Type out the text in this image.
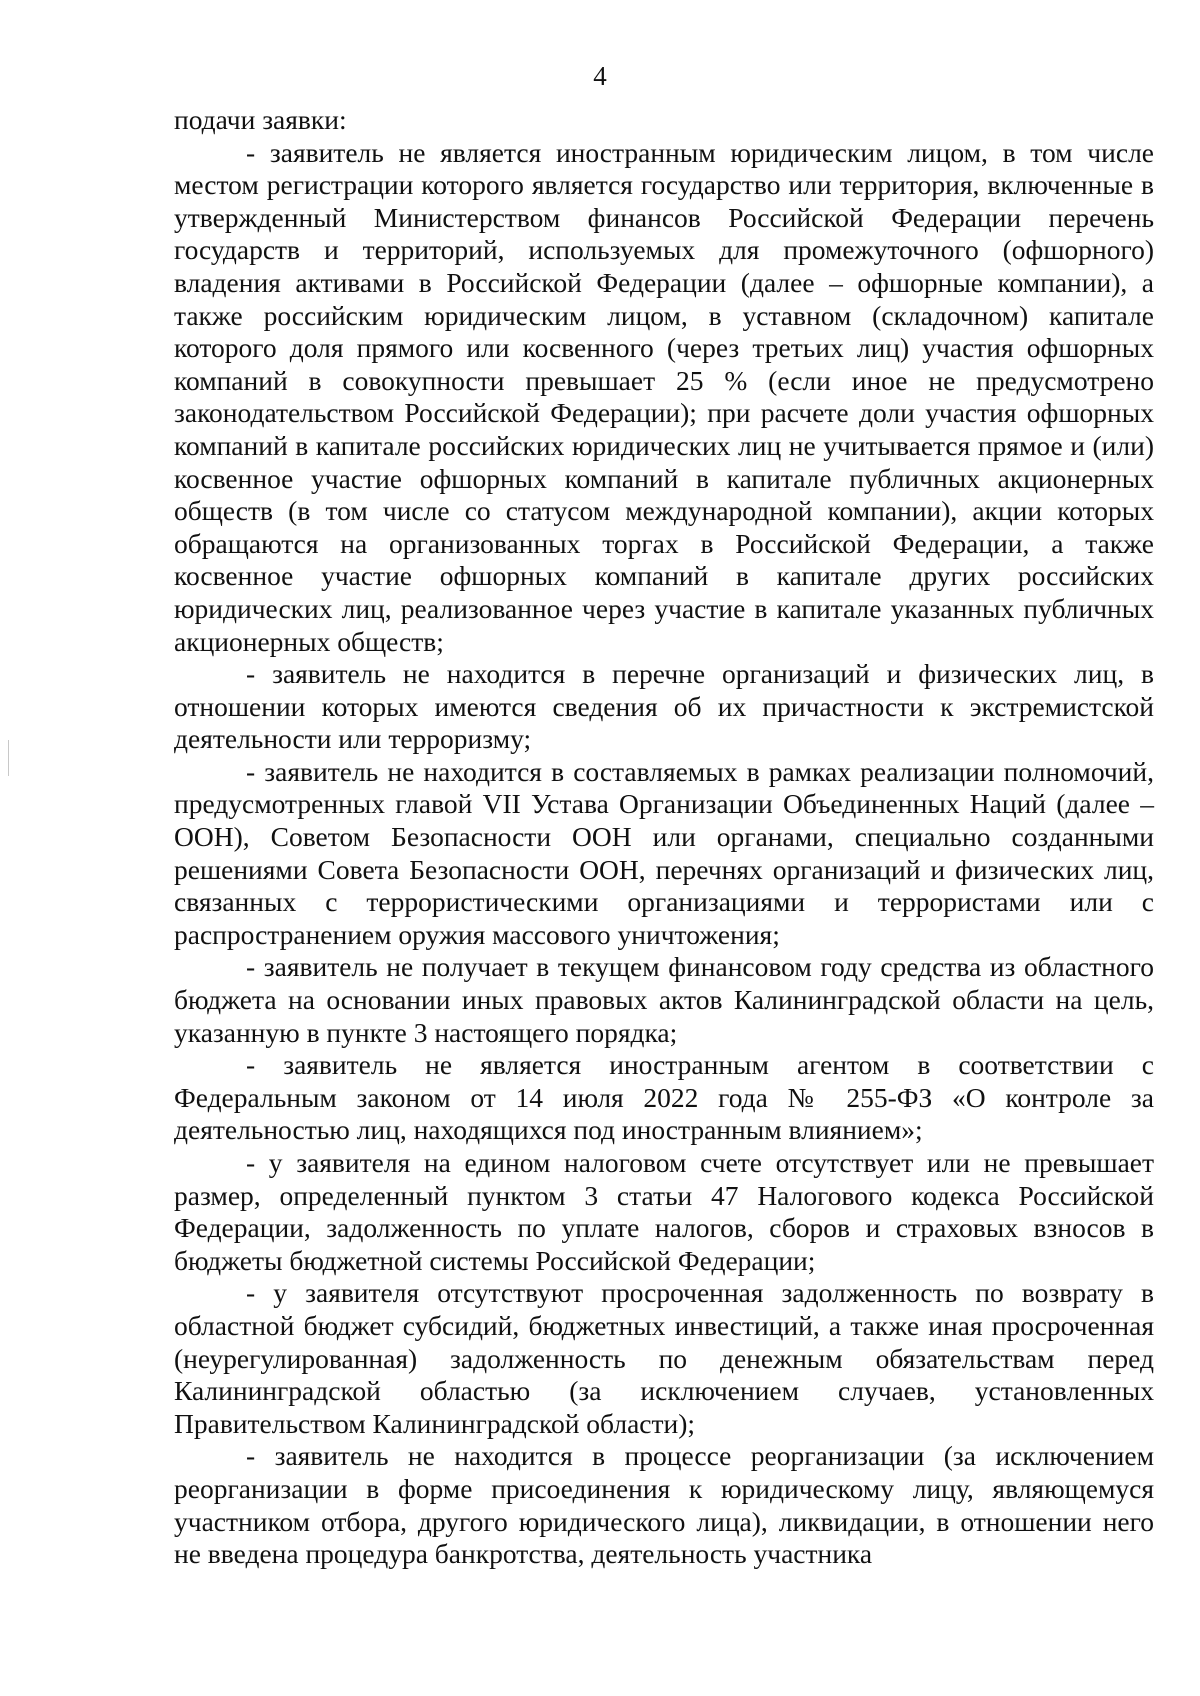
4

подачи заявки:

- заявитель не является иностранным юридическим лицом, в том числе местом регистрации которого является государство или территория, включенные в утвержденный Министерством финансов Российской Федерации перечень государств и территорий, используемых для промежуточного (офшорного) владения активами в Российской Федерации (далее – офшорные компании), а также российским юридическим лицом, в уставном (складочном) капитале которого доля прямого или косвенного (через третьих лиц) участия офшорных компаний в совокупности превышает 25 % (если иное не предусмотрено законодательством Российской Федерации); при расчете доли участия офшорных компаний в капитале российских юридических лиц не учитывается прямое и (или) косвенное участие офшорных компаний в капитале публичных акционерных обществ (в том числе со статусом международной компании), акции которых обращаются на организованных торгах в Российской Федерации, а также косвенное участие офшорных компаний в капитале других российских юридических лиц, реализованное через участие в капитале указанных публичных акционерных обществ;

- заявитель не находится в перечне организаций и физических лиц, в отношении которых имеются сведения об их причастности к экстремистской деятельности или терроризму;

- заявитель не находится в составляемых в рамках реализации полномочий, предусмотренных главой VII Устава Организации Объединенных Наций (далее – ООН), Советом Безопасности ООН или органами, специально созданными решениями Совета Безопасности ООН, перечнях организаций и физических лиц, связанных с террористическими организациями и террористами или с распространением оружия массового уничтожения;

- заявитель не получает в текущем финансовом году средства из областного бюджета на основании иных правовых актов Калининградской области на цель, указанную в пункте 3 настоящего порядка;

- заявитель не является иностранным агентом в соответствии с Федеральным законом от 14 июля 2022 года № 255-ФЗ «О контроле за деятельностью лиц, находящихся под иностранным влиянием»;

- у заявителя на едином налоговом счете отсутствует или не превышает размер, определенный пунктом 3 статьи 47 Налогового кодекса Российской Федерации, задолженность по уплате налогов, сборов и страховых взносов в бюджеты бюджетной системы Российской Федерации;

- у заявителя отсутствуют просроченная задолженность по возврату в областной бюджет субсидий, бюджетных инвестиций, а также иная просроченная (неурегулированная) задолженность по денежным обязательствам перед Калининградской областью (за исключением случаев, установленных Правительством Калининградской области);

- заявитель не находится в процессе реорганизации (за исключением реорганизации в форме присоединения к юридическому лицу, являющемуся участником отбора, другого юридического лица), ликвидации, в отношении него не введена процедура банкротства, деятельность участника
